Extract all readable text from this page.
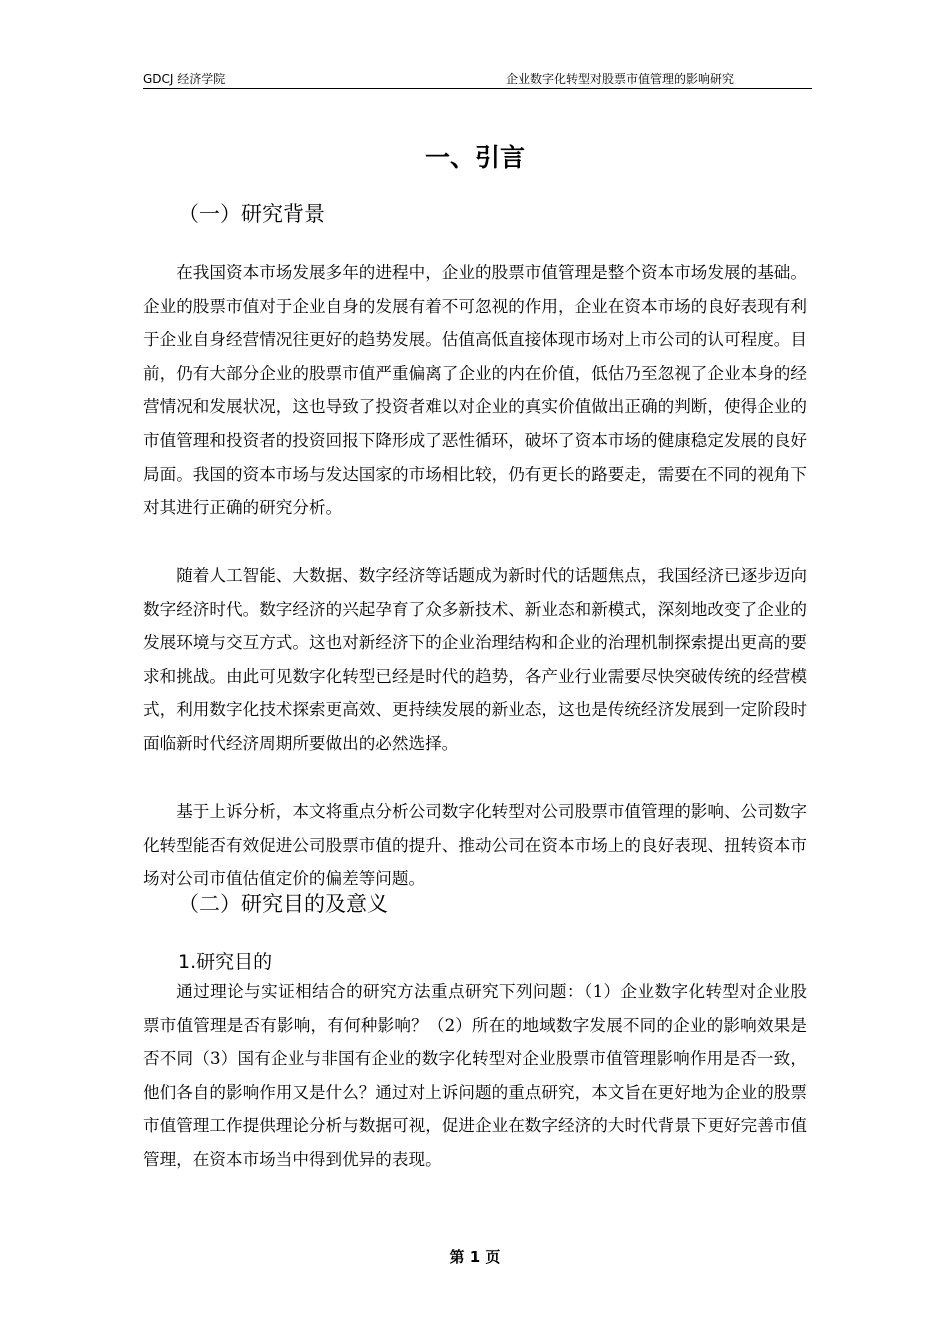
GDCJ 经济学院	企业数字化转型对股票市值管理的影响研究
一、引言
（一）研究背景

在我国资本市场发展多年的进程中，企业的股票市值管理是整个资本市场发展的基础。企业的股票市值对于企业自身的发展有着不可忽视的作用，企业在资本市场的良好表现有利于企业自身经营情况往更好的趋势发展。估值高低直接体现市场对上市公司的认可程度。目前，仍有大部分企业的股票市值严重偏离了企业的内在价值，低估乃至忽视了企业本身的经营情况和发展状况，这也导致了投资者难以对企业的真实价值做出正确的判断，使得企业的市值管理和投资者的投资回报下降形成了恶性循环，破坏了资本市场的健康稳定发展的良好局面。我国的资本市场与发达国家的市场相比较，仍有更长的路要走，需要在不同的视角下对其进行正确的研究分析。

随着人工智能、大数据、数字经济等话题成为新时代的话题焦点，我国经济已逐步迈向数字经济时代。数字经济的兴起孕育了众多新技术、新业态和新模式，深刻地改变了企业的发展环境与交互方式。这也对新经济下的企业治理结构和企业的治理机制探索提出更高的要求和挑战。由此可见数字化转型已经是时代的趋势，各产业行业需要尽快突破传统的经营模式，利用数字化技术探索更高效、更持续发展的新业态，这也是传统经济发展到一定阶段时面临新时代经济周期所要做出的必然选择。

基于上诉分析，本文将重点分析公司数字化转型对公司股票市值管理的影响、公司数字化转型能否有效促进公司股票市值的提升、推动公司在资本市场上的良好表现、扭转资本市场对公司市值估值定价的偏差等问题。

（二）研究目的及意义
1.研究目的

通过理论与实证相结合的研究方法重点研究下列问题：（1）企业数字化转型对企业股票市值管理是否有影响，有何种影响？（2）所在的地域数字发展不同的企业的影响效果是否不同（3）国有企业与非国有企业的数字化转型对企业股票市值管理影响作用是否一致，他们各自的影响作用又是什么？通过对上诉问题的重点研究，本文旨在更好地为企业的股票市值管理工作提供理论分析与数据可视，促进企业在数字经济的大时代背景下更好完善市值管理，在资本市场当中得到优异的表现。

第 1 页
